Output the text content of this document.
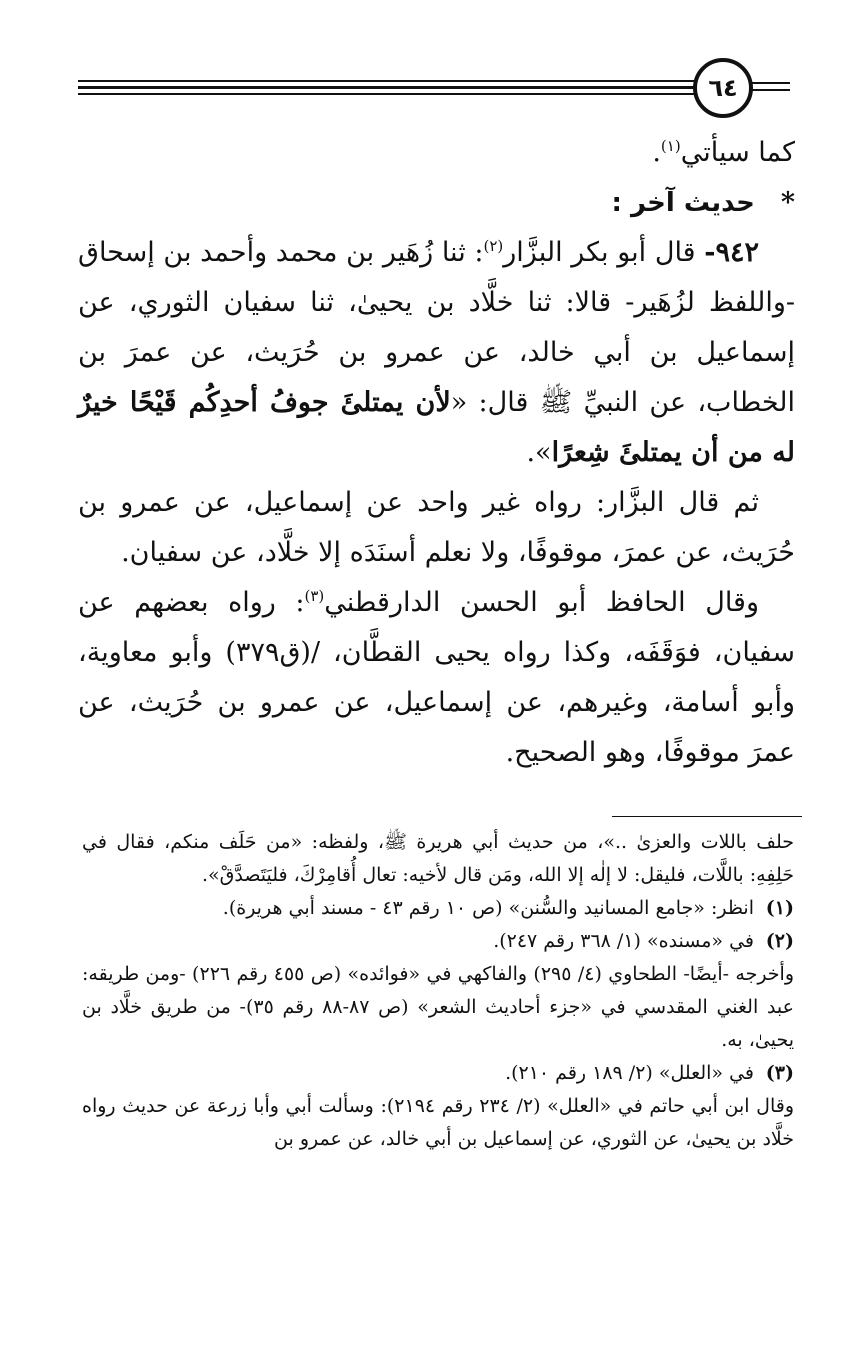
٦٤

كما سيأتي$^{(١)}$.

*حديث آخر :

٩٤٢- قال أبو بكر البزَّار$^{(٢)}$: ثنا زُهَير بن محمد وأحمد بن إسحاق -واللفظ لزُهَير- قالا: ثنا خلَّاد بن يحيىٰ، ثنا سفيان الثوري، عن إسماعيل بن أبي خالد، عن عمرو بن حُرَيث، عن عمرَ بن الخطاب، عن النبيِّ ﷺ قال: «لأن يمتلئَ جوفُ أحدِكُم قَيْحًا خيرٌ له من أن يمتلئَ شِعرًا».

ثم قال البزَّار: رواه غير واحد عن إسماعيل، عن عمرو بن حُرَيث، عن عمرَ، موقوفًا، ولا نعلم أسنَدَه إلا خلَّاد، عن سفيان.

وقال الحافظ أبو الحسن الدارقطني$^{(٣)}$: رواه بعضهم عن سفيان، فوَقَفَه، وكذا رواه يحيى القطَّان، /(ق٣٧٩) وأبو معاوية، وأبو أسامة، وغيرهم، عن إسماعيل، عن عمرو بن حُرَيث، عن عمرَ موقوفًا، وهو الصحيح.

حلف باللات والعزىٰ ..»، من حديث أبي هريرة ﷺ، ولفظه: «من حَلَف منكم، فقال في حَلِفِهِ: باللَّات، فليقل: لا إلٰه إلا الله، ومَن قال لأخيه: تعال أُقامِرْكَ، فليَتَصدَّقْ».

(١)
انظر: «جامع المسانيد والسُّنن» (ص ١٠ رقم ٤٣ - مسند أبي هريرة).
(٢)
في «مسنده» (١/ ٣٦٨ رقم ٢٤٧).

وأخرجه -أيضًا- الطحاوي (٤/ ٢٩٥) والفاكهي في «فوائده» (ص ٤٥٥ رقم ٢٢٦) -ومن طريقه: عبد الغني المقدسي في «جزء أحاديث الشعر» (ص ٨٧-٨٨ رقم ٣٥)- من طريق خلَّاد بن يحيىٰ، به.

(٣)
في «العلل» (٢/ ١٨٩ رقم ٢١٠).

وقال ابن أبي حاتم في «العلل» (٢/ ٢٣٤ رقم ٢١٩٤): وسألت أبي وأبا زرعة عن حديث رواه خلَّاد بن يحيىٰ، عن الثوري، عن إسماعيل بن أبي خالد، عن عمرو بن
